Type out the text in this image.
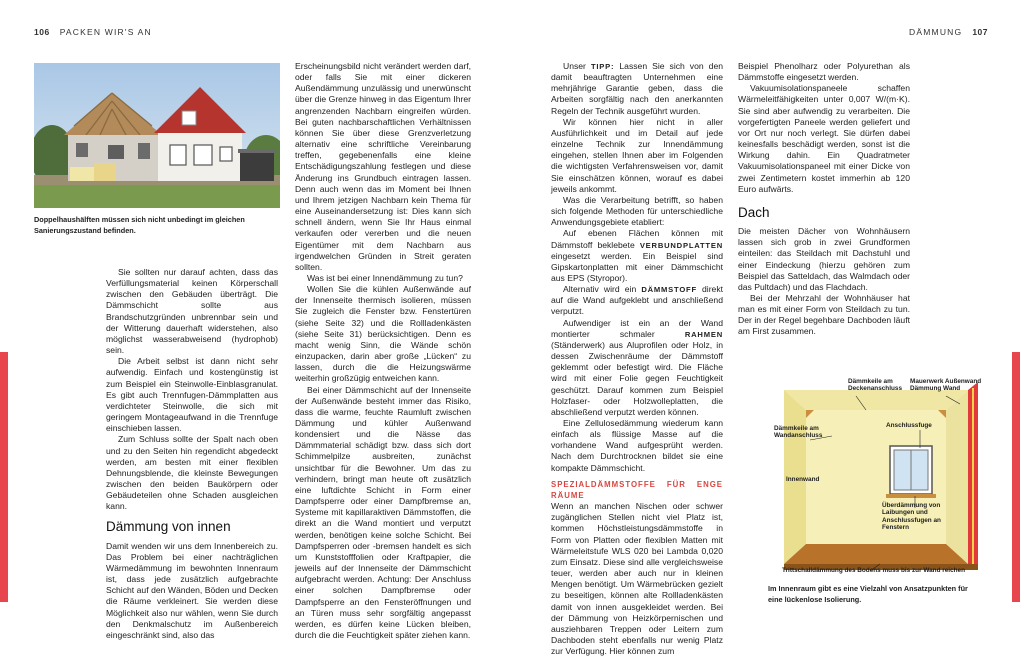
106 PACKEN WIR'S AN	DÄMMUNG 107
Doppelhaushälften müssen sich nicht unbedingt im gleichen Sanierungszustand befinden.

Sie sollten nur darauf achten, dass das Verfüllungsmaterial keinen Körperschall zwischen den Gebäuden überträgt. Die Dämmschicht sollte aus Brandschutzgründen unbrennbar sein und der Witterung dauerhaft widerstehen, also möglichst wasserabweisend (hydrophob) sein.

Die Arbeit selbst ist dann nicht sehr aufwendig. Einfach und kostengünstig ist zum Beispiel ein Steinwolle-Einblasgranulat. Es gibt auch Trennfugen-Dämmplatten aus verdichteter Steinwolle, die sich mit geringem Montageaufwand in die Trennfuge einschieben lassen.

Zum Schluss sollte der Spalt nach oben und zu den Seiten hin regendicht abgedeckt werden, am besten mit einer flexiblen Dehnungsblende, die kleinste Bewegungen zwischen den beiden Baukörpern oder Gebäudeteilen ohne Schaden ausgleichen kann.

Dämmung von innen

Damit wenden wir uns dem Innenbereich zu. Das Problem bei einer nachträglichen Wärmedämmung im bewohnten Innenraum ist, dass jede zusätzlich aufgebrachte Schicht auf den Wänden, Böden und Decken die Räume verkleinert. Sie werden diese Möglichkeit also nur wählen, wenn Sie durch den Denkmalschutz im Außenbereich eingeschränkt sind, also das

Erscheinungsbild nicht verändert werden darf, oder falls Sie mit einer dickeren Außendämmung unzulässig und unerwünscht über die Grenze hinweg in das Eigentum Ihrer angrenzenden Nachbarn eingreifen würden. Bei guten nachbarschaftlichen Verhältnissen können Sie über diese Grenzverletzung alternativ eine schriftliche Vereinbarung treffen, gegebenenfalls eine kleine Entschädigungszahlung festlegen und diese Änderung ins Grundbuch eintragen lassen. Denn auch wenn das im Moment bei Ihnen und Ihrem jetzigen Nachbarn kein Thema für eine Auseinandersetzung ist: Dies kann sich schnell ändern, wenn Sie Ihr Haus einmal verkaufen oder vererben und die neuen Eigentümer mit dem Nachbarn aus irgendwelchen Gründen in Streit geraten sollten.

Was ist bei einer Innendämmung zu tun?

Wollen Sie die kühlen Außenwände auf der Innenseite thermisch isolieren, müssen Sie zugleich die Fenster bzw. Fenstertüren (siehe Seite 32) und die Rollladenkästen (siehe Seite 31) berücksichtigen. Denn es macht wenig Sinn, die Wände schön einzupacken, darin aber große „Lücken“ zu lassen, durch die die Heizungswärme weiterhin großzügig entweichen kann.

Bei einer Dämmschicht auf der Innenseite der Außenwände besteht immer das Risiko, dass die warme, feuchte Raumluft zwischen Dämmung und kühler Außenwand kondensiert und die Nässe das Dämmmaterial schädigt bzw. dass sich dort Schimmelpilze ausbreiten, zunächst unsichtbar für die Bewohner. Um das zu verhindern, bringt man heute oft zusätzlich eine luftdichte Schicht in Form einer Dampfsperre oder einer Dampfbremse an, Systeme mit kapillaraktiven Dämmstoffen, die direkt an die Wand montiert und verputzt werden, benötigen keine solche Schicht. Bei Dampfsperren oder -bremsen handelt es sich um Kunststofffolien oder Kraftpapier, die jeweils auf der Innenseite der Dämmschicht aufgebracht werden. Achtung: Der Anschluss einer solchen Dampfbremse oder Dampfsperre an den Fensteröffnungen und an Türen muss sehr sorgfältig angepasst werden, es dürfen keine Lücken bleiben, durch die die Feuchtigkeit später ziehen kann.

Unser TIPP: Lassen Sie sich von den damit beauftragten Unternehmen eine mehrjährige Garantie geben, dass die Arbeiten sorgfältig nach den anerkannten Regeln der Technik ausgeführt wurden.

Wir können hier nicht in aller Ausführlichkeit und im Detail auf jede einzelne Technik zur Innendämmung eingehen, stellen Ihnen aber im Folgenden die wichtigsten Verfahrensweisen vor, damit Sie einschätzen können, worauf es dabei jeweils ankommt.

Was die Verarbeitung betrifft, so haben sich folgende Methoden für unterschiedliche Anwendungsgebiete etabliert:

Auf ebenen Flächen können mit Dämmstoff beklebete VERBUNDPLATTEN eingesetzt werden. Ein Beispiel sind Gipskartonplatten mit einer Dämmschicht aus EPS (Styropor).

Alternativ wird ein DÄMMSTOFF direkt auf die Wand aufgeklebt und anschließend verputzt.

Aufwendiger ist ein an der Wand montierter schmaler	RAHMEN (Ständerwerk) aus Aluprofilen oder Holz, in dessen Zwischenräume der Dämmstoff geklemmt oder befestigt wird. Die Fläche wird mit einer Folie gegen Feuchtigkeit geschützt. Darauf kommen zum Beispiel Holzfaser- oder Holzwolleplatten, die abschließend verputzt werden können.

Eine Zellulosedämmung wiederum kann einfach als flüssige Masse auf die vorhandene Wand aufgesprüht werden. Nach dem Durchtrocknen bildet sie eine kompakte Dämmschicht.

SPEZIALDÄMMSTOFFE FÜR ENGE RÄUME

Wenn an manchen Nischen oder schwer zugänglichen Stellen nicht viel Platz ist, kommen Höchstleistungsdämmstoffe in Form von Platten oder flexiblen Matten mit Wärmeleitstufe WLS 020 bei Lambda 0,020 zum Einsatz. Diese sind alle vergleichsweise teuer, werden aber auch nur in kleinen Mengen benötigt. Um Wärmebrücken gezielt zu beseitigen, können alte Rollladenkästen damit von innen ausgekleidet werden. Bei der Dämmung von Heizkörpernischen und ausziehbaren Treppen oder Leitern zum Dachboden steht ebenfalls nur wenig Platz zur Verfügung. Hier können zum

Beispiel Phenolharz oder Polyurethan als Dämmstoffe eingesetzt werden.

Vakuumisolationspaneele schaffen Wärmeleitfähigkeiten unter 0,007 W/(m·K). Sie sind aber aufwendig zu verarbeiten. Die vorgefertigten Paneele werden geliefert und vor Ort nur noch verlegt. Sie dürfen dabei keinesfalls beschädigt werden, sonst ist die Wirkung dahin. Ein Quadratmeter Vakuumisolationspaneel mit einer Dicke von zwei Zentimetern kostet immerhin ab 120 Euro aufwärts.

Dach

Die meisten Dächer von Wohnhäusern lassen sich grob in zwei Grundformen einteilen: das Steildach mit Dachstuhl und einer Eindeckung (hierzu gehören zum Beispiel das Satteldach, das Walmdach oder das Pultdach) und das Flachdach.

Bei der Mehrzahl der Wohnhäuser hat man es mit einer Form von Steildach zu tun. Der in der Regel begehbare Dachboden läuft am First zusammen.

Dämmkeile am Deckenanschluss
Mauerwerk Außenwand Dämmung Wand
Dämmkeile am Wandanschluss
Anschlussfuge
Innenwand
Überdämmung von Laibungen und Anschlussfugen an Fenstern
Trittschalldämmung des Bodens muss bis zur Wand reichen
Im Innenraum gibt es eine Vielzahl von Ansatzpunkten für eine lückenlose Isolierung.
